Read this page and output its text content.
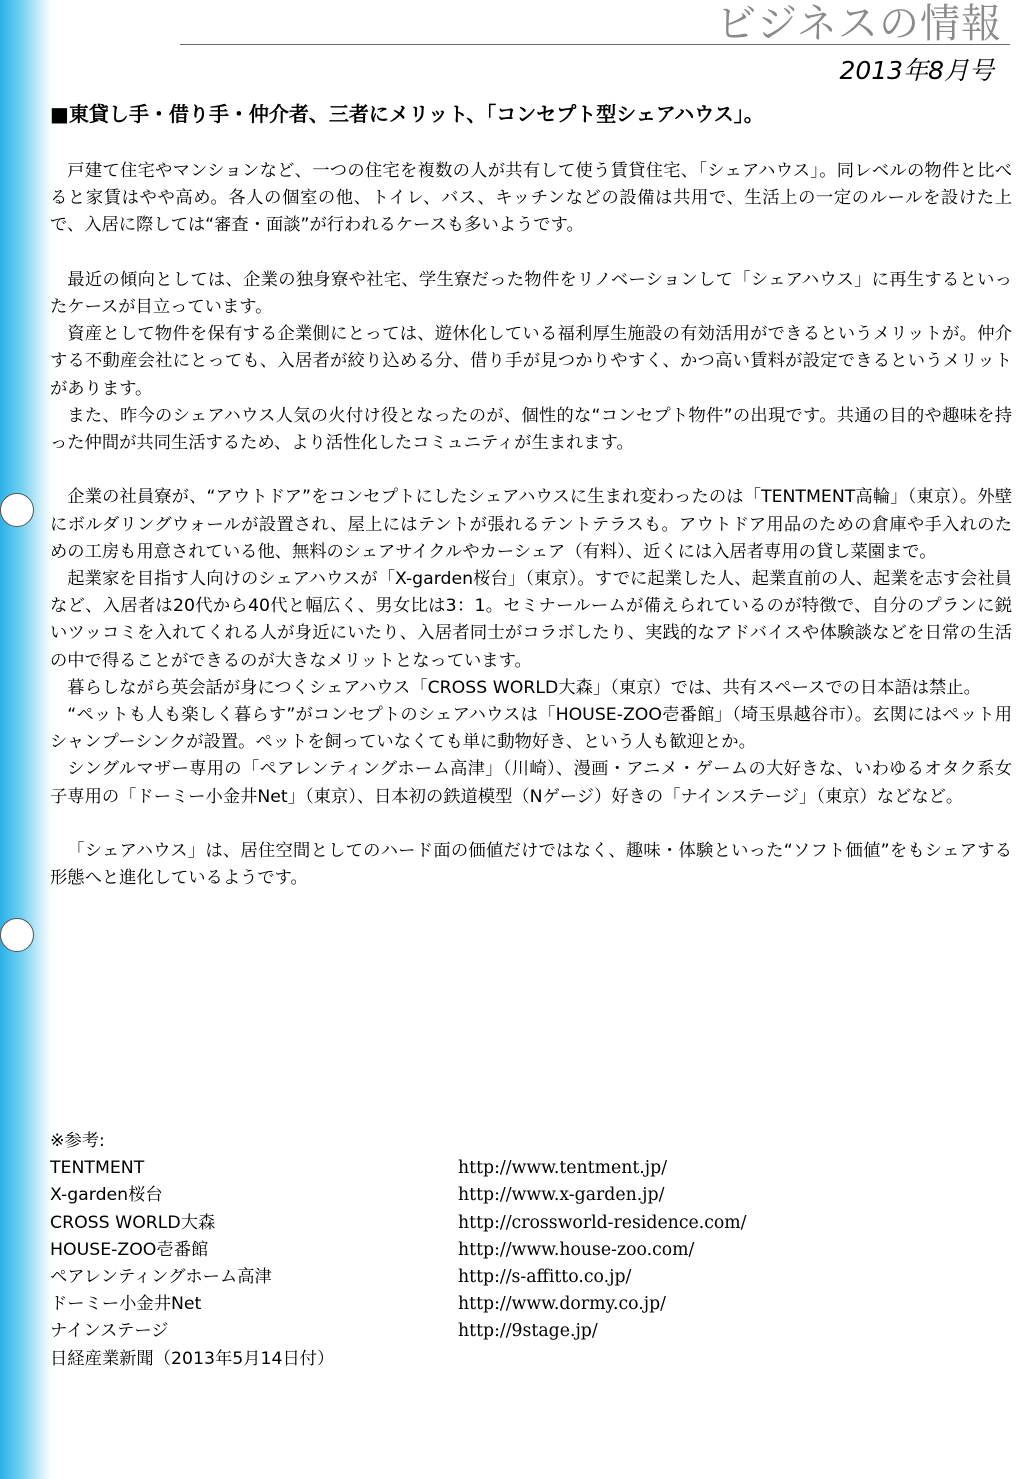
ビジネスの情報
2013年8月号
■東貸し手・借り手・仲介者、三者にメリット、「コンセプト型シェアハウス」。

戸建て住宅やマンションなど、一つの住宅を複数の人が共有して使う賃貸住宅、「シェアハウス」。同レベルの物件と比べると家賃はやや高め。各人の個室の他、トイレ、バス、キッチンなどの設備は共用で、生活上の一定のルールを設けた上で、入居に際しては“審査・面談”が行われるケースも多いようです。

最近の傾向としては、企業の独身寮や社宅、学生寮だった物件をリノベーションして「シェアハウス」に再生するといったケースが目立っています。

資産として物件を保有する企業側にとっては、遊休化している福利厚生施設の有効活用ができるというメリットが。仲介する不動産会社にとっても、入居者が絞り込める分、借り手が見つかりやすく、かつ高い賃料が設定できるというメリットがあります。

また、昨今のシェアハウス人気の火付け役となったのが、個性的な“コンセプト物件”の出現です。共通の目的や趣味を持った仲間が共同生活するため、より活性化したコミュニティが生まれます。

企業の社員寮が、“アウトドア”をコンセプトにしたシェアハウスに生まれ変わったのは「TENTMENT高輪」（東京）。外壁にボルダリングウォールが設置され、屋上にはテントが張れるテントテラスも。アウトドア用品のための倉庫や手入れのための工房も用意されている他、無料のシェアサイクルやカーシェア（有料）、近くには入居者専用の貸し菜園まで。

起業家を目指す人向けのシェアハウスが「X-garden桜台」（東京）。すでに起業した人、起業直前の人、起業を志す会社員など、入居者は20代から40代と幅広く、男女比は3：1。セミナールームが備えられているのが特徴で、自分のプランに鋭いツッコミを入れてくれる人が身近にいたり、入居者同士がコラボしたり、実践的なアドバイスや体験談などを日常の生活の中で得ることができるのが大きなメリットとなっています。

暮らしながら英会話が身につくシェアハウス「CROSS WORLD大森」（東京）では、共有スペースでの日本語は禁止。

“ペットも人も楽しく暮らす”がコンセプトのシェアハウスは「HOUSE-ZOO壱番館」（埼玉県越谷市）。玄関にはペット用シャンプーシンクが設置。ペットを飼っていなくても単に動物好き、という人も歓迎とか。

シングルマザー専用の「ペアレンティングホーム高津」（川崎）、漫画・アニメ・ゲームの大好きな、いわゆるオタク系女子専用の「ドーミー小金井Net」（東京）、日本初の鉄道模型（Nゲージ）好きの「ナインステージ」（東京）などなど。

「シェアハウス」は、居住空間としてのハード面の価値だけではなく、趣味・体験といった“ソフト価値”をもシェアする形態へと進化しているようです。

※参考:
TENTMENT	http://www.tentment.jp/
X-garden桜台	http://www.x-garden.jp/
CROSS WORLD大森	http://crossworld-residence.com/
HOUSE-ZOO壱番館	http://www.house-zoo.com/
ペアレンティングホーム高津	http://s-affitto.co.jp/
ドーミー小金井Net	http://www.dormy.co.jp/
ナインステージ	http://9stage.jp/
日経産業新聞（2013年5月14日付）
